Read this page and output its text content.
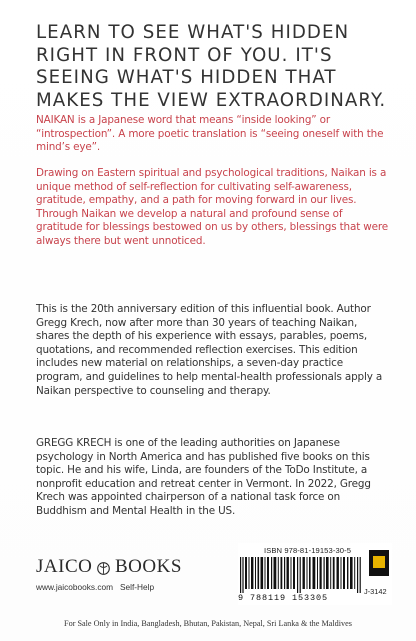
LEARN TO SEE WHAT'S HIDDEN RIGHT IN FRONT OF YOU. IT'S SEEING WHAT'S HIDDEN THAT MAKES THE VIEW EXTRAORDINARY.

NAIKAN is a Japanese word that means “inside looking” or “introspection”. A more poetic translation is “seeing oneself with the mind’s eye”.

Drawing on Eastern spiritual and psychological traditions, Naikan is a unique method of self-reflection for cultivating self-awareness, gratitude, empathy, and a path for moving forward in our lives. Through Naikan we develop a natural and profound sense of gratitude for blessings bestowed on us by others, blessings that were always there but went unnoticed.

This is the 20th anniversary edition of this influential book. Author Gregg Krech, now after more than 30 years of teaching Naikan, shares the depth of his experience with essays, parables, poems, quotations, and recommended reflection exercises. This edition includes new material on relationships, a seven-day practice program, and guidelines to help mental-health professionals apply a Naikan perspective to counseling and therapy.

GREGG KRECH is one of the leading authorities on Japanese psychology in North America and has published five books on this topic. He and his wife, Linda, are founders of the ToDo Institute, a nonprofit education and retreat center in Vermont. In 2022, Gregg Krech was appointed chairperson of a national task force on Buddhism and Mental Health in the US.

JAICO BOOKS
www.jaicobooks.com Self-Help
ISBN 978-81-19153-30-5
9 788119 153305
J-3142
For Sale Only in India, Bangladesh, Bhutan, Pakistan, Nepal, Sri Lanka & the Maldives
